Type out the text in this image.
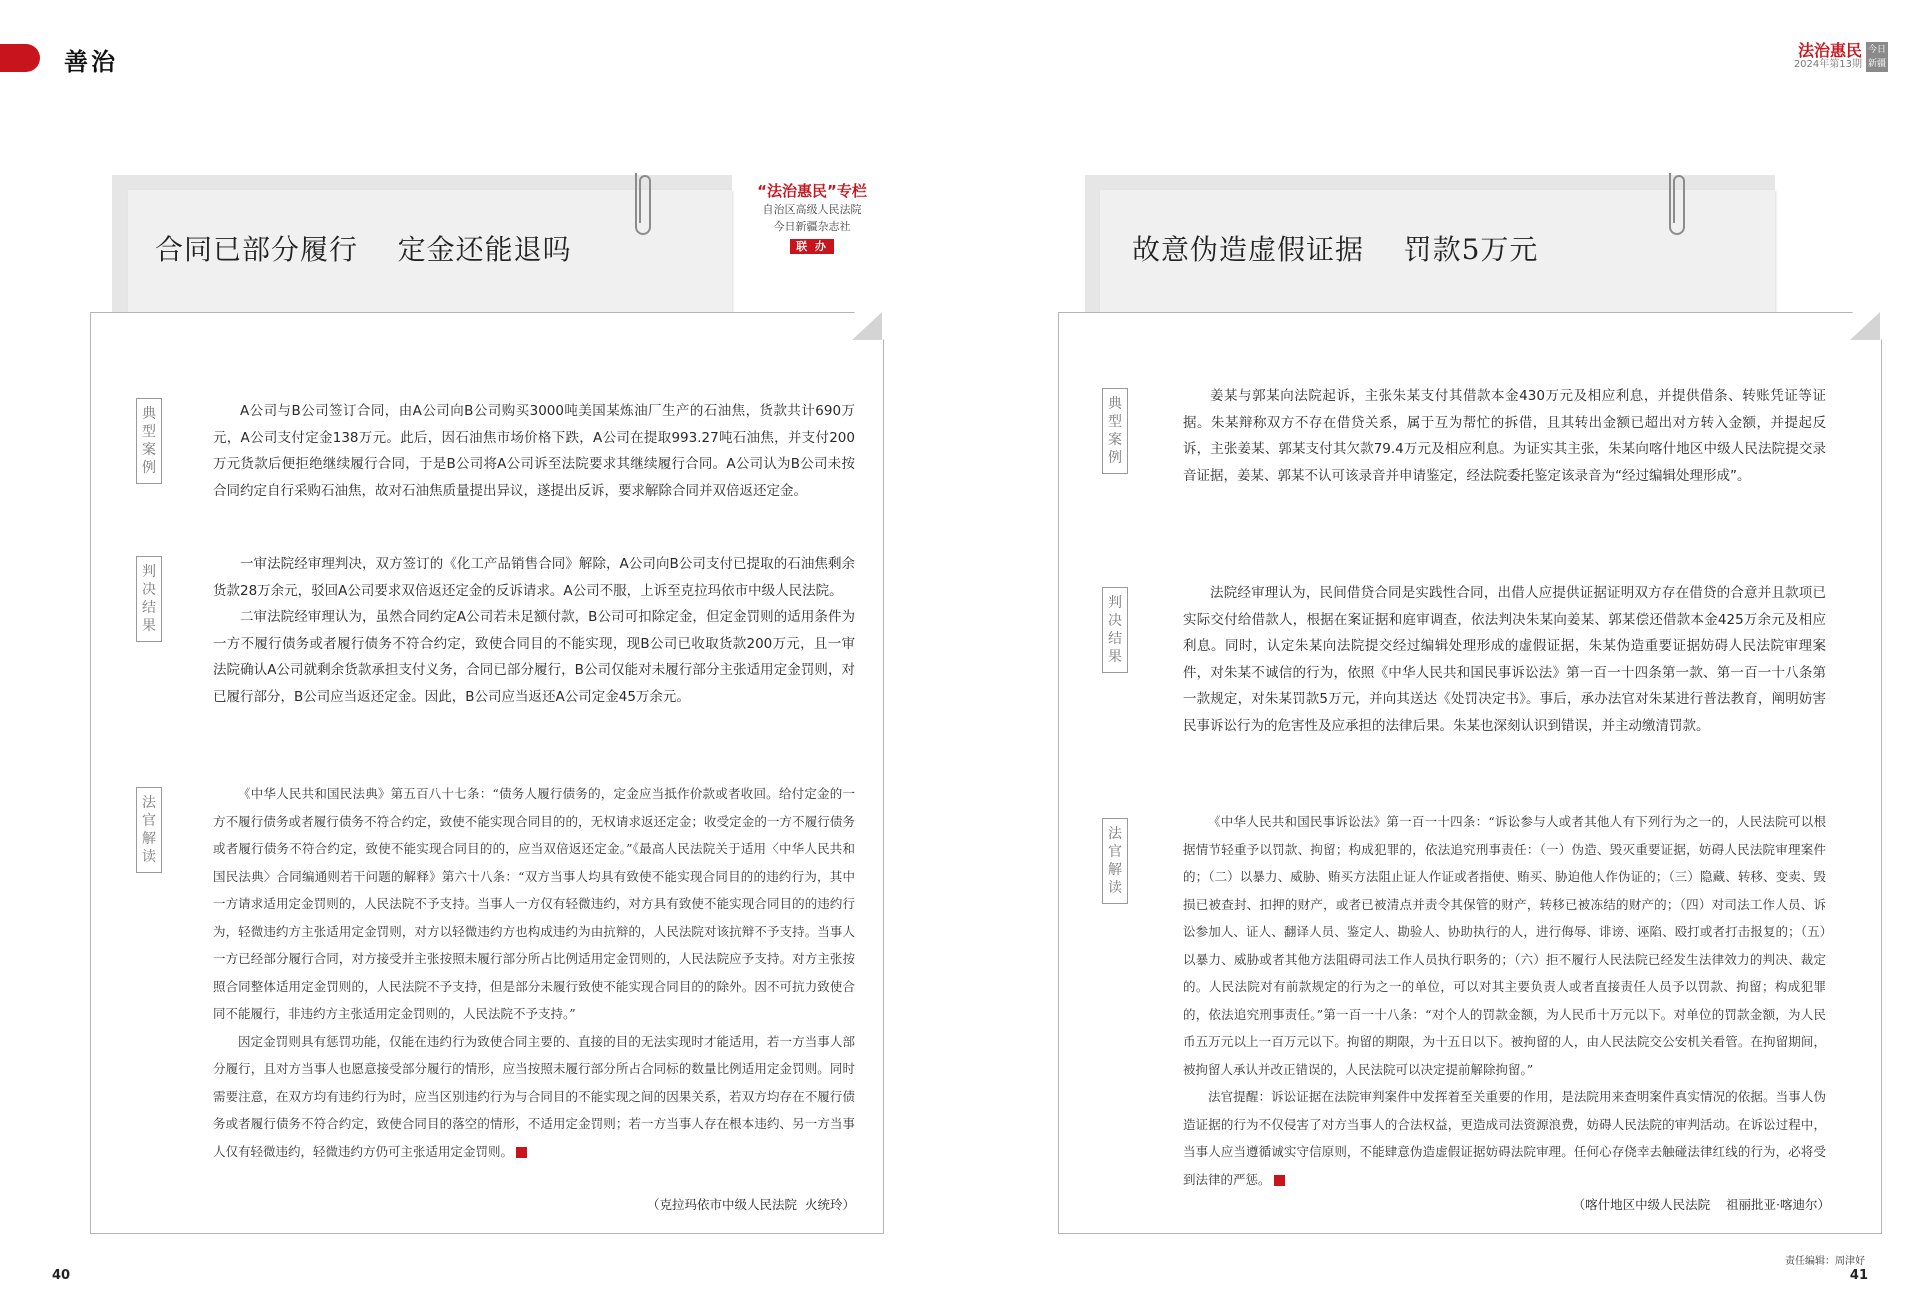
善治	法治惠民
2024年第13期
今日新疆
合同已部分履行    定金还能退吗
“法治惠民”专栏
自治区高级人民法院
今日新疆杂志社
联 办
典
型
案
例

A公司与B公司签订合同，由A公司向B公司购买3000吨美国某炼油厂生产的石油焦，货款共计690万元，A公司支付定金138万元。此后，因石油焦市场价格下跌，A公司在提取993.27吨石油焦，并支付200万元货款后便拒绝继续履行合同，于是B公司将A公司诉至法院要求其继续履行合同。A公司认为B公司未按合同约定自行采购石油焦，故对石油焦质量提出异议，遂提出反诉，要求解除合同并双倍返还定金。

判
决
结
果

一审法院经审理判决，双方签订的《化工产品销售合同》解除，A公司向B公司支付已提取的石油焦剩余货款28万余元，驳回A公司要求双倍返还定金的反诉请求。A公司不服，上诉至克拉玛依市中级人民法院。

二审法院经审理认为，虽然合同约定A公司若未足额付款，B公司可扣除定金，但定金罚则的适用条件为一方不履行债务或者履行债务不符合约定，致使合同目的不能实现，现B公司已收取货款200万元，且一审法院确认A公司就剩余货款承担支付义务，合同已部分履行，B公司仅能对未履行部分主张适用定金罚则，对已履行部分，B公司应当返还定金。因此，B公司应当返还A公司定金45万余元。

法
官
解
读

《中华人民共和国民法典》第五百八十七条：“债务人履行债务的，定金应当抵作价款或者收回。给付定金的一方不履行债务或者履行债务不符合约定，致使不能实现合同目的的，无权请求返还定金；收受定金的一方不履行债务或者履行债务不符合约定，致使不能实现合同目的的，应当双倍返还定金。”《最高人民法院关于适用〈中华人民共和国民法典〉合同编通则若干问题的解释》第六十八条：“双方当事人均具有致使不能实现合同目的的违约行为，其中一方请求适用定金罚则的，人民法院不予支持。当事人一方仅有轻微违约，对方具有致使不能实现合同目的的违约行为，轻微违约方主张适用定金罚则，对方以轻微违约方也构成违约为由抗辩的，人民法院对该抗辩不予支持。当事人一方已经部分履行合同，对方接受并主张按照未履行部分所占比例适用定金罚则的，人民法院应予支持。对方主张按照合同整体适用定金罚则的，人民法院不予支持，但是部分未履行致使不能实现合同目的的除外。因不可抗力致使合同不能履行，非违约方主张适用定金罚则的，人民法院不予支持。”

因定金罚则具有惩罚功能，仅能在违约行为致使合同主要的、直接的目的无法实现时才能适用，若一方当事人部分履行，且对方当事人也愿意接受部分履行的情形，应当按照未履行部分所占合同标的数量比例适用定金罚则。同时需要注意，在双方均有违约行为时，应当区别违约行为与合同目的不能实现之间的因果关系，若双方均存在不履行债务或者履行债务不符合约定，致使合同目的落空的情形，不适用定金罚则；若一方当事人存在根本违约、另一方当事人仅有轻微违约，轻微违约方仍可主张适用定金罚则。

（克拉玛依市中级人民法院  火统玲）
40
故意伪造虚假证据    罚款5万元
典
型
案
例

姜某与郭某向法院起诉，主张朱某支付其借款本金430万元及相应利息，并提供借条、转账凭证等证据。朱某辩称双方不存在借贷关系，属于互为帮忙的拆借，且其转出金额已超出对方转入金额，并提起反诉，主张姜某、郭某支付其欠款79.4万元及相应利息。为证实其主张，朱某向喀什地区中级人民法院提交录音证据，姜某、郭某不认可该录音并申请鉴定，经法院委托鉴定该录音为“经过编辑处理形成”。

判
决
结
果

法院经审理认为，民间借贷合同是实践性合同，出借人应提供证据证明双方存在借贷的合意并且款项已实际交付给借款人，根据在案证据和庭审调查，依法判决朱某向姜某、郭某偿还借款本金425万余元及相应利息。同时，认定朱某向法院提交经过编辑处理形成的虚假证据，朱某伪造重要证据妨碍人民法院审理案件，对朱某不诚信的行为，依照《中华人民共和国民事诉讼法》第一百一十四条第一款、第一百一十八条第一款规定，对朱某罚款5万元，并向其送达《处罚决定书》。事后，承办法官对朱某进行普法教育，阐明妨害民事诉讼行为的危害性及应承担的法律后果。朱某也深刻认识到错误，并主动缴清罚款。

法
官
解
读

《中华人民共和国民事诉讼法》第一百一十四条：“诉讼参与人或者其他人有下列行为之一的，人民法院可以根据情节轻重予以罚款、拘留；构成犯罪的，依法追究刑事责任：（一）伪造、毁灭重要证据，妨碍人民法院审理案件的；（二）以暴力、威胁、贿买方法阻止证人作证或者指使、贿买、胁迫他人作伪证的；（三）隐藏、转移、变卖、毁损已被查封、扣押的财产，或者已被清点并责令其保管的财产，转移已被冻结的财产的；（四）对司法工作人员、诉讼参加人、证人、翻译人员、鉴定人、勘验人、协助执行的人，进行侮辱、诽谤、诬陷、殴打或者打击报复的；（五）以暴力、威胁或者其他方法阻碍司法工作人员执行职务的；（六）拒不履行人民法院已经发生法律效力的判决、裁定的。人民法院对有前款规定的行为之一的单位，可以对其主要负责人或者直接责任人员予以罚款、拘留；构成犯罪的，依法追究刑事责任。”第一百一十八条：“对个人的罚款金额，为人民币十万元以下。对单位的罚款金额，为人民币五万元以上一百万元以下。拘留的期限，为十五日以下。被拘留的人，由人民法院交公安机关看管。在拘留期间，被拘留人承认并改正错误的，人民法院可以决定提前解除拘留。”

法官提醒：诉讼证据在法院审判案件中发挥着至关重要的作用，是法院用来查明案件真实情况的依据。当事人伪造证据的行为不仅侵害了对方当事人的合法权益，更造成司法资源浪费，妨碍人民法院的审判活动。在诉讼过程中，当事人应当遵循诚实守信原则，不能肆意伪造虚假证据妨碍法院审理。任何心存侥幸去触碰法律红线的行为，必将受到法律的严惩。

（喀什地区中级人民法院    祖丽批亚·喀迪尔）
责任编辑：周津好
41
